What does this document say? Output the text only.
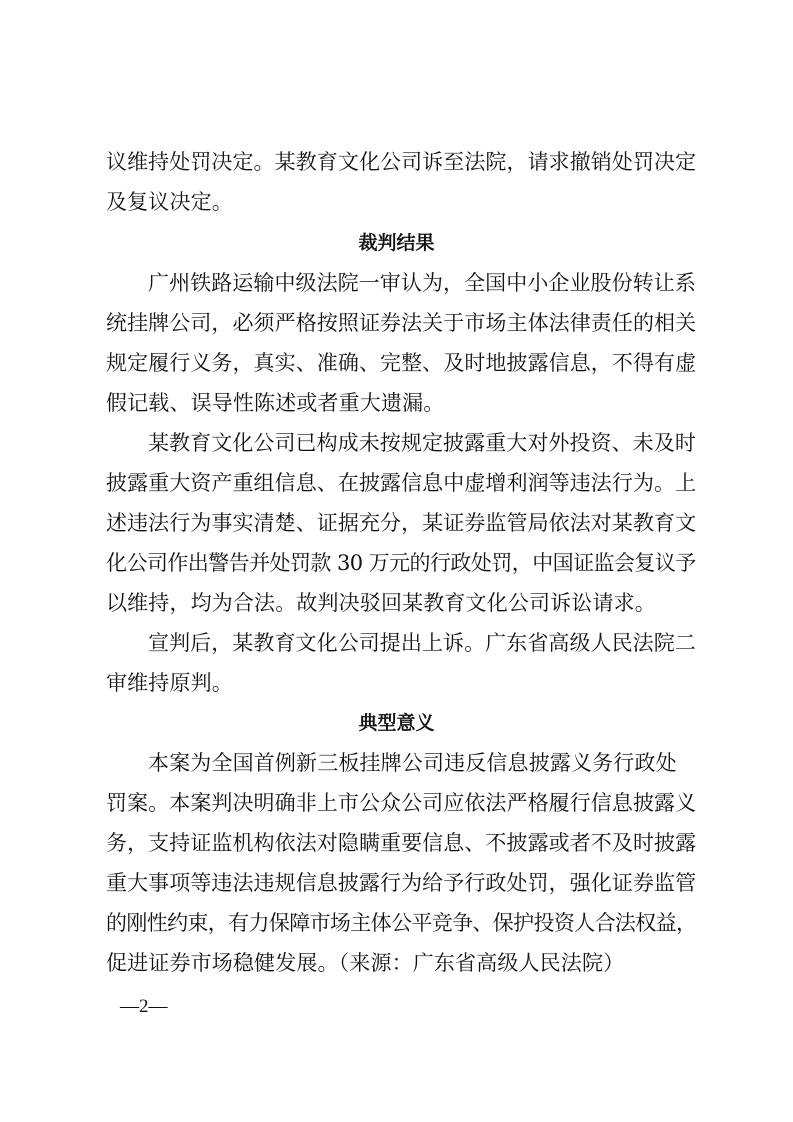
议维持处罚决定。某教育文化公司诉至法院，请求撤销处罚决定
及复议决定。
裁判结果
广州铁路运输中级法院一审认为，全国中小企业股份转让系
统挂牌公司，必须严格按照证券法关于市场主体法律责任的相关
规定履行义务，真实、准确、完整、及时地披露信息，不得有虚
假记载、误导性陈述或者重大遗漏。
某教育文化公司已构成未按规定披露重大对外投资、未及时
披露重大资产重组信息、在披露信息中虚增利润等违法行为。上
述违法行为事实清楚、证据充分，某证券监管局依法对某教育文
化公司作出警告并处罚款 30 万元的行政处罚，中国证监会复议予
以维持，均为合法。故判决驳回某教育文化公司诉讼请求。
宣判后，某教育文化公司提出上诉。广东省高级人民法院二
审维持原判。
典型意义
本案为全国首例新三板挂牌公司违反信息披露义务行政处
罚案。本案判决明确非上市公众公司应依法严格履行信息披露义
务，支持证监机构依法对隐瞒重要信息、不披露或者不及时披露
重大事项等违法违规信息披露行为给予行政处罚，强化证券监管
的刚性约束，有力保障市场主体公平竞争、保护投资人合法权益，
促进证券市场稳健发展。（来源：广东省高级人民法院）
—2—
